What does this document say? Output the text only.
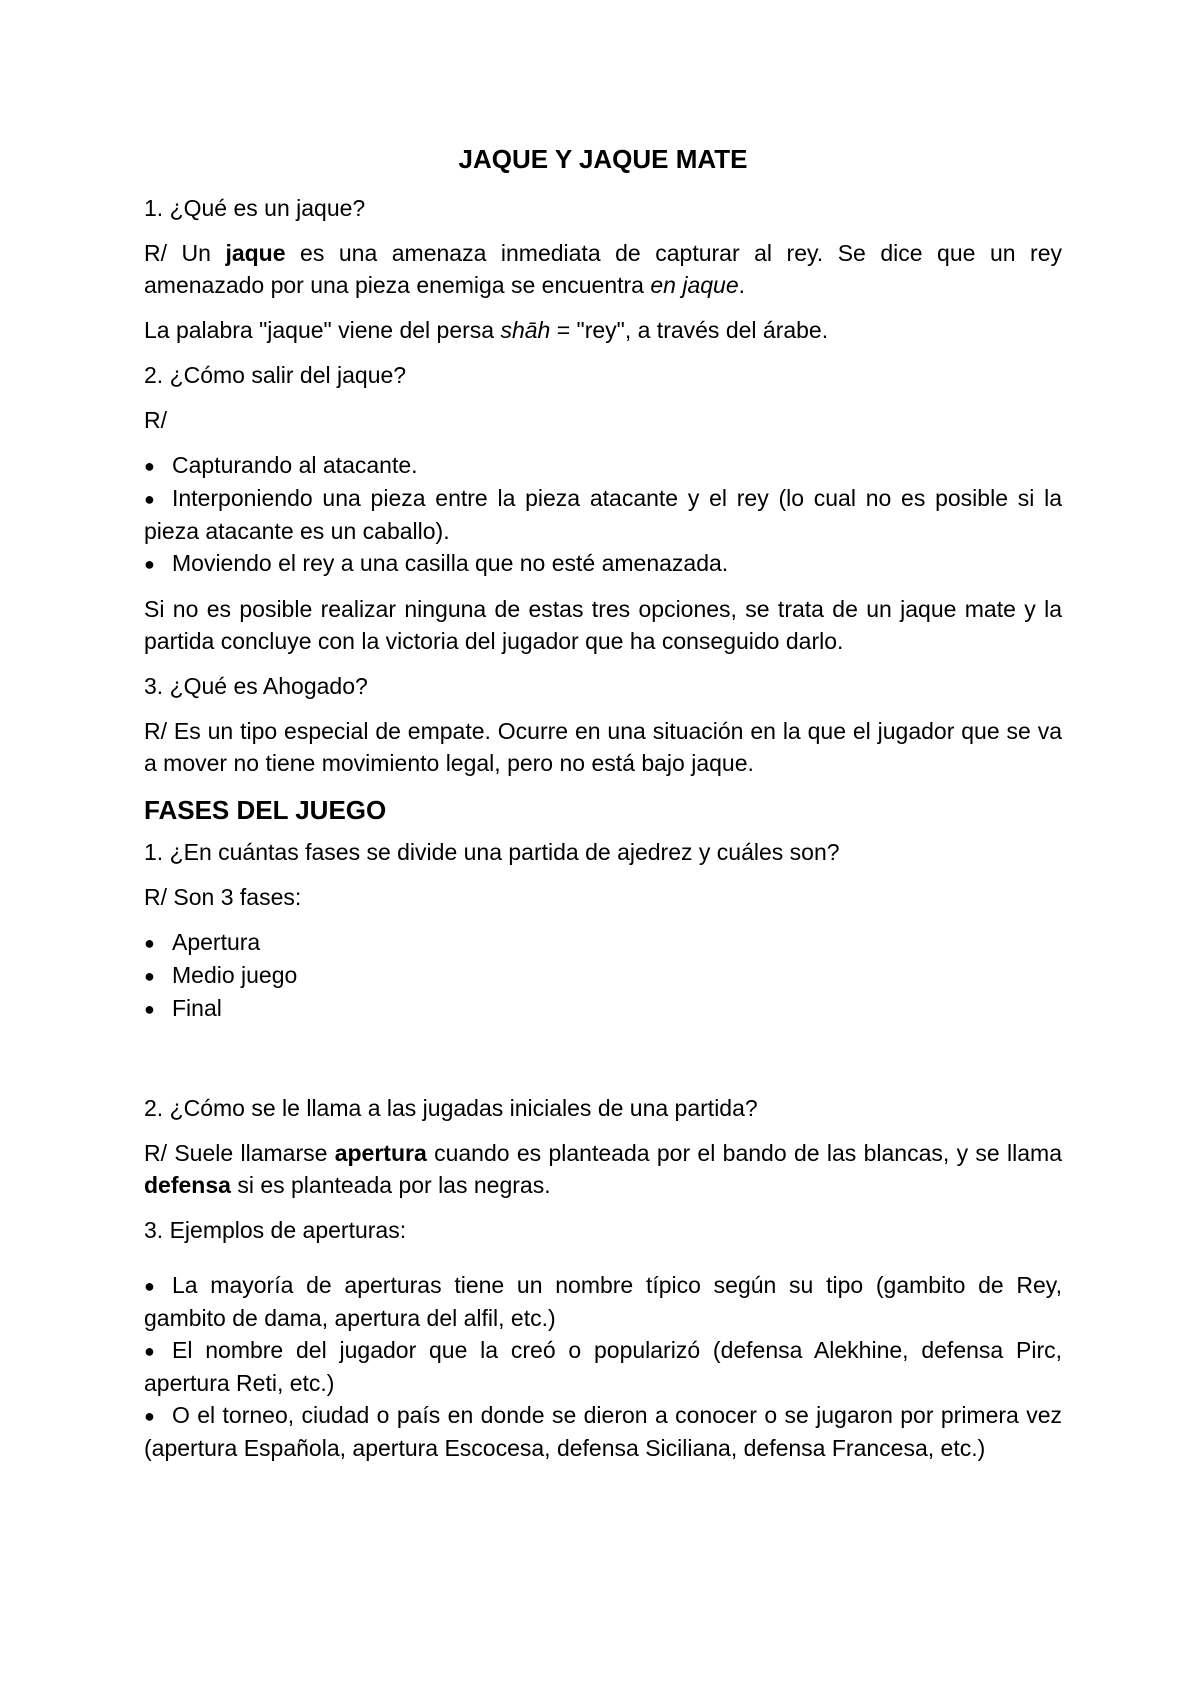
JAQUE Y JAQUE MATE

1. ¿Qué es un jaque?

R/ Un jaque es una amenaza inmediata de capturar al rey. Se dice que un rey amenazado por una pieza enemiga se encuentra en jaque.

La palabra "jaque" viene del persa shāh = "rey", a través del árabe.

2. ¿Cómo salir del jaque?

R/

● Capturando al atacante.
● Interponiendo una pieza entre la pieza atacante y el rey (lo cual no es posible si la pieza atacante es un caballo).
● Moviendo el rey a una casilla que no esté amenazada.

Si no es posible realizar ninguna de estas tres opciones, se trata de un jaque mate y la partida concluye con la victoria del jugador que ha conseguido darlo.

3. ¿Qué es Ahogado?

R/ Es un tipo especial de empate. Ocurre en una situación en la que el jugador que se va a mover no tiene movimiento legal, pero no está bajo jaque.

FASES DEL JUEGO

1. ¿En cuántas fases se divide una partida de ajedrez y cuáles son?

R/ Son 3 fases:

● Apertura
● Medio juego
● Final

2. ¿Cómo se le llama a las jugadas iniciales de una partida?

R/ Suele llamarse apertura cuando es planteada por el bando de las blancas, y se llama defensa si es planteada por las negras.

3. Ejemplos de aperturas:

● La mayoría de aperturas tiene un nombre típico según su tipo (gambito de Rey, gambito de dama, apertura del alfil, etc.)
● El nombre del jugador que la creó o popularizó (defensa Alekhine, defensa Pirc, apertura Reti, etc.)
● O el torneo, ciudad o país en donde se dieron a conocer o se jugaron por primera vez (apertura Española, apertura Escocesa, defensa Siciliana, defensa Francesa, etc.)
